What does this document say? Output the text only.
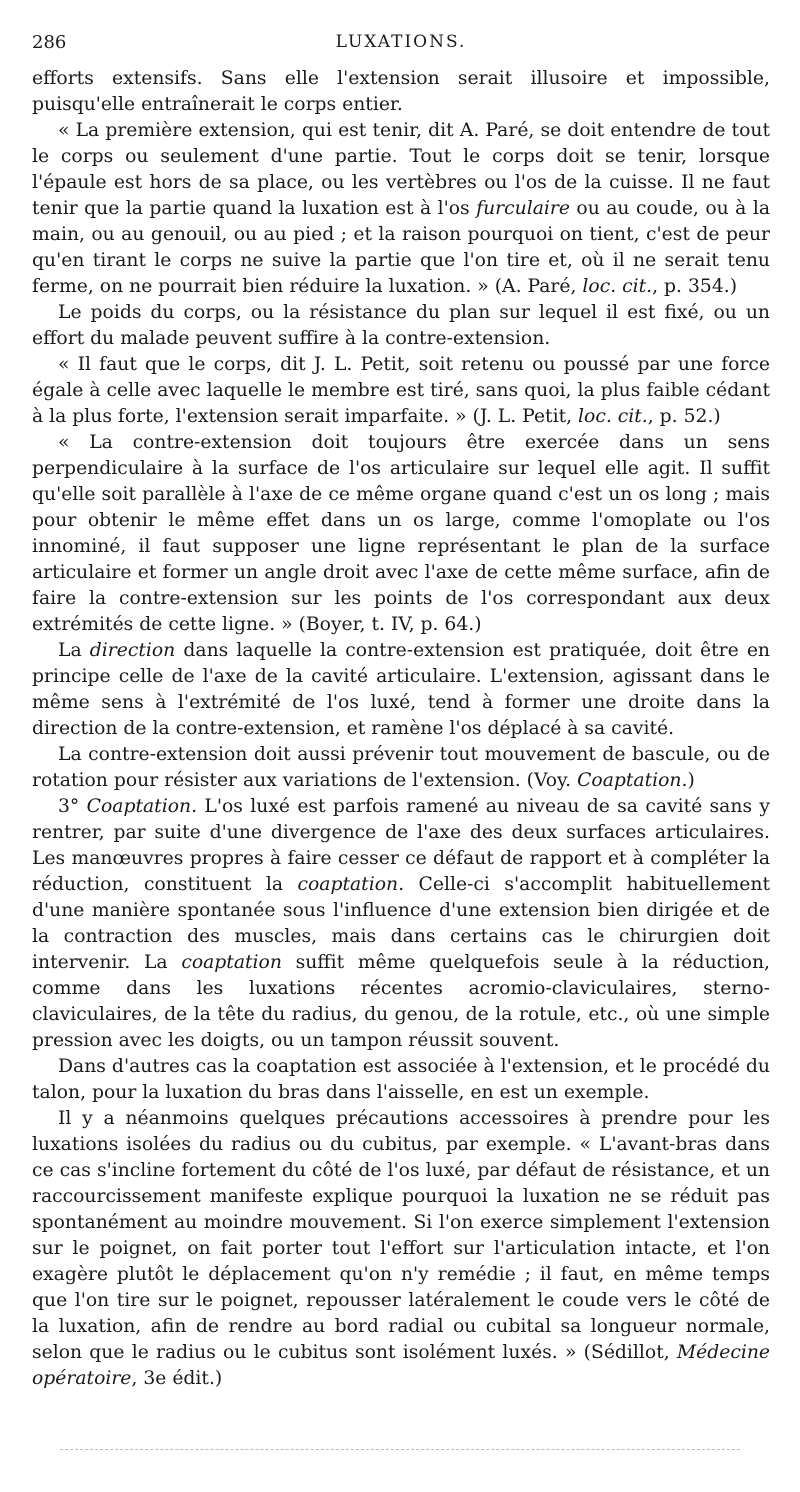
286	LUXATIONS.

efforts extensifs. Sans elle l'extension serait illusoire et impossible, puisqu'elle entraînerait le corps entier.

« La première extension, qui est tenir, dit A. Paré, se doit entendre de tout le corps ou seulement d'une partie. Tout le corps doit se tenir, lorsque l'épaule est hors de sa place, ou les vertèbres ou l'os de la cuisse. Il ne faut tenir que la partie quand la luxation est à l'os furculaire ou au coude, ou à la main, ou au genouil, ou au pied ; et la raison pourquoi on tient, c'est de peur qu'en tirant le corps ne suive la partie que l'on tire et, où il ne serait tenu ferme, on ne pourrait bien réduire la luxation. » (A. Paré, loc. cit., p. 354.)

Le poids du corps, ou la résistance du plan sur lequel il est fixé, ou un effort du malade peuvent suffire à la contre-extension.

« Il faut que le corps, dit J. L. Petit, soit retenu ou poussé par une force égale à celle avec laquelle le membre est tiré, sans quoi, la plus faible cédant à la plus forte, l'extension serait imparfaite. » (J. L. Petit, loc. cit., p. 52.)

« La contre-extension doit toujours être exercée dans un sens perpendiculaire à la surface de l'os articulaire sur lequel elle agit. Il suffit qu'elle soit parallèle à l'axe de ce même organe quand c'est un os long ; mais pour obtenir le même effet dans un os large, comme l'omoplate ou l'os innominé, il faut supposer une ligne représentant le plan de la surface articulaire et former un angle droit avec l'axe de cette même surface, afin de faire la contre-extension sur les points de l'os correspondant aux deux extrémités de cette ligne. » (Boyer, t. IV, p. 64.)

La direction dans laquelle la contre-extension est pratiquée, doit être en principe celle de l'axe de la cavité articulaire. L'extension, agissant dans le même sens à l'extrémité de l'os luxé, tend à former une droite dans la direction de la contre-extension, et ramène l'os déplacé à sa cavité.

La contre-extension doit aussi prévenir tout mouvement de bascule, ou de rotation pour résister aux variations de l'extension. (Voy. Coaptation.)

3° Coaptation. L'os luxé est parfois ramené au niveau de sa cavité sans y rentrer, par suite d'une divergence de l'axe des deux surfaces articulaires. Les manœuvres propres à faire cesser ce défaut de rapport et à compléter la réduction, constituent la coaptation. Celle-ci s'accomplit habituellement d'une manière spontanée sous l'influence d'une extension bien dirigée et de la contraction des muscles, mais dans certains cas le chirurgien doit intervenir. La coaptation suffit même quelquefois seule à la réduction, comme dans les luxations récentes acromio-claviculaires, sterno-claviculaires, de la tête du radius, du genou, de la rotule, etc., où une simple pression avec les doigts, ou un tampon réussit souvent.

Dans d'autres cas la coaptation est associée à l'extension, et le procédé du talon, pour la luxation du bras dans l'aisselle, en est un exemple.

Il y a néanmoins quelques précautions accessoires à prendre pour les luxations isolées du radius ou du cubitus, par exemple. « L'avant-bras dans ce cas s'incline fortement du côté de l'os luxé, par défaut de résistance, et un raccourcissement manifeste explique pourquoi la luxation ne se réduit pas spontanément au moindre mouvement. Si l'on exerce simplement l'extension sur le poignet, on fait porter tout l'effort sur l'articulation intacte, et l'on exagère plutôt le déplacement qu'on n'y remédie ; il faut, en même temps que l'on tire sur le poignet, repousser latéralement le coude vers le côté de la luxation, afin de rendre au bord radial ou cubital sa longueur normale, selon que le radius ou le cubitus sont isolément luxés. » (Sédillot, Médecine opératoire, 3e édit.)
